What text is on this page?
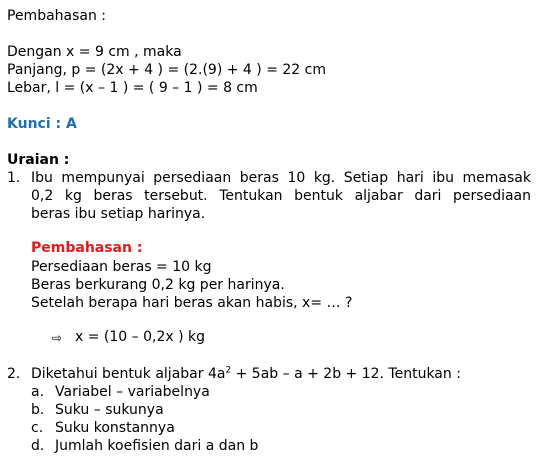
Pembahasan :
Dengan x = 9 cm , maka
Panjang, p = (2x + 4 ) = (2.(9) + 4 ) = 22 cm
Lebar, l = (x – 1 ) = ( 9 – 1 ) = 8 cm
Kunci : A
Uraian :
1. Ibu mempunyai persediaan beras 10 kg. Setiap hari ibu memasak
0,2 kg beras tersebut. Tentukan bentuk aljabar dari persediaan
beras ibu setiap harinya.
Pembahasan :
Persediaan beras = 10 kg
Beras berkurang 0,2 kg per harinya.
Setelah berapa hari beras akan habis, x= … ?
⇨ x = (10 – 0,2x ) kg
2. Diketahui bentuk aljabar $4a^2 + 5ab - a + 2b + 12$. Tentukan :
a. Variabel – variabelnya
b. Suku – sukunya
c. Suku konstannya
d. Jumlah koefisien dari a dan b
